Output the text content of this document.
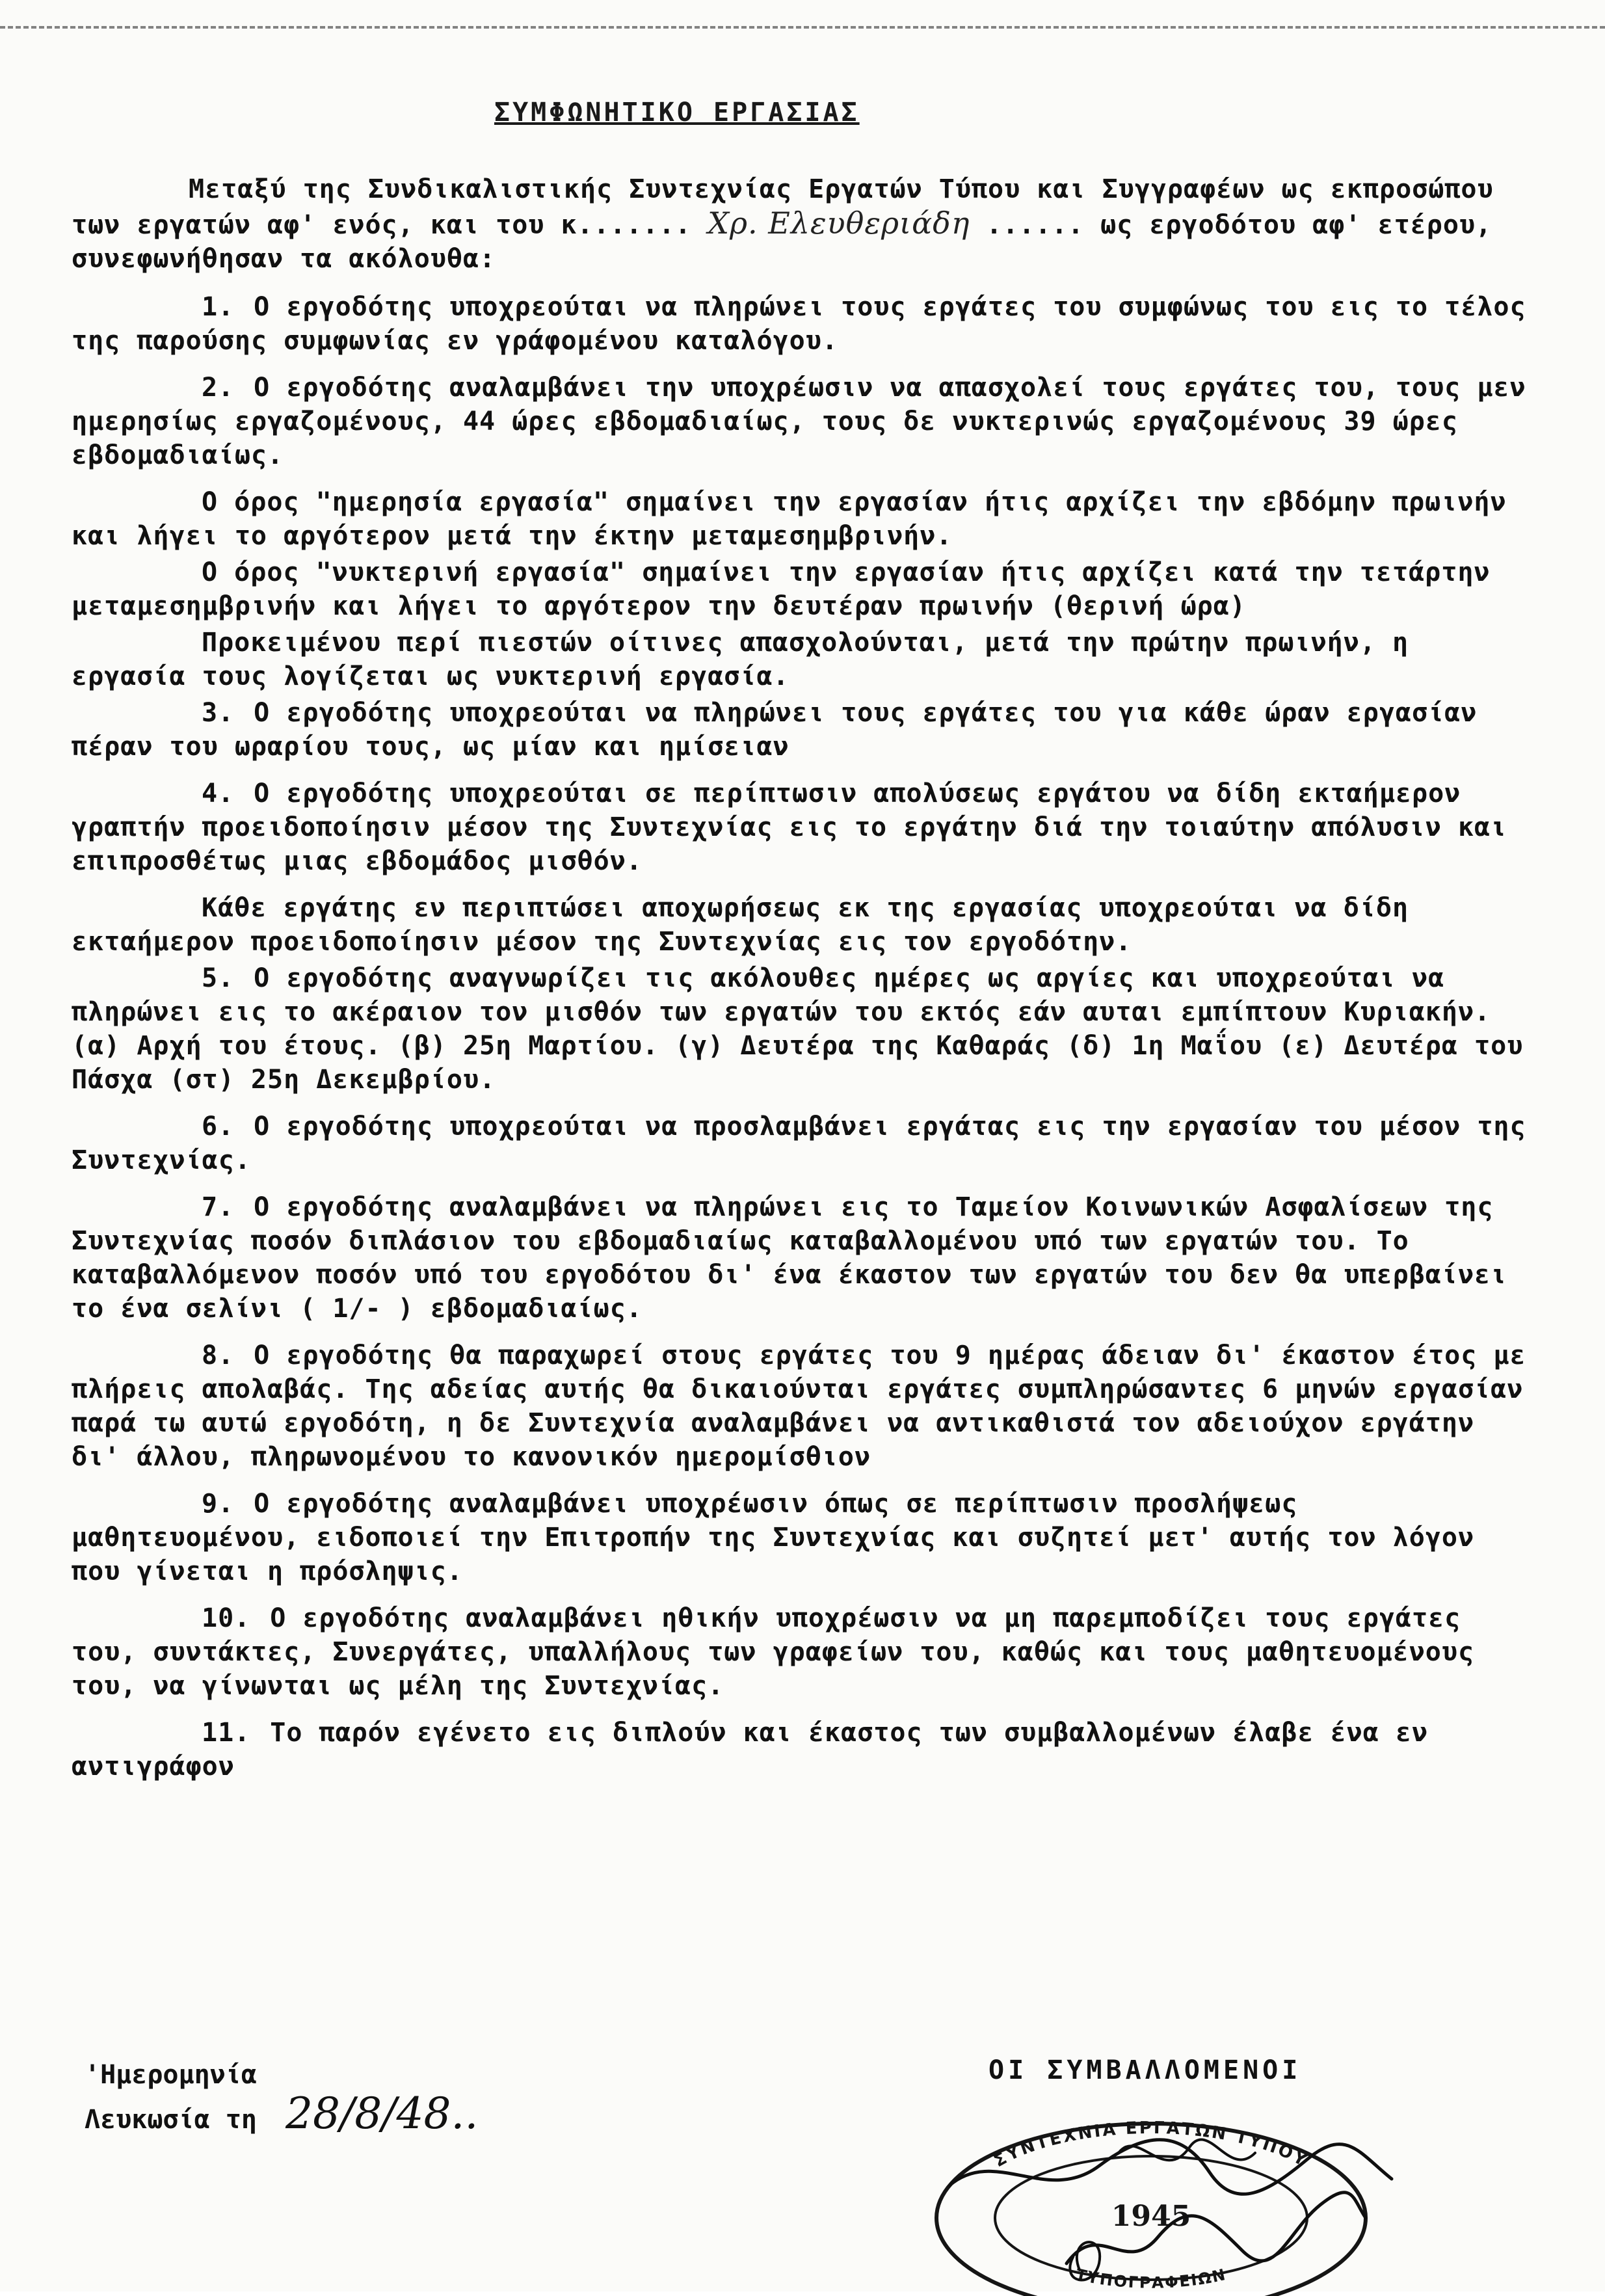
ΣΥΜΦΩΝΗΤΙΚΟ ΕΡΓΑΣΙΑΣ

Μεταξύ της Συνδικαλιστικής Συντεχνίας Εργατών Τύπου και Συγγραφέων ως εκπροσώπου των εργατών αφ' ενός, και του κ....... Χρ. Ελευθεριάδη ...... ως εργοδότου αφ' ετέρου, συνεφωνήθησαν τα ακόλουθα:

1. Ο εργοδότης υποχρεούται να πληρώνει τους εργάτες του συμφώνως του εις το τέλος της παρούσης συμφωνίας εν γράφομένου καταλόγου.

2. Ο εργοδότης αναλαμβάνει την υποχρέωσιν να απασχολεί τους εργάτες του, τους μεν ημερησίως εργαζομένους, 44 ώρες εβδομαδιαίως, τους δε νυκτερινώς εργαζομένους 39 ώρες εβδομαδιαίως.

Ο όρος "ημερησία εργασία" σημαίνει την εργασίαν ήτις αρχίζει την εβδόμην πρωινήν και λήγει το αργότερον μετά την έκτην μεταμεσημβρινήν.

Ο όρος "νυκτερινή εργασία" σημαίνει την εργασίαν ήτις αρχίζει κατά την τετάρτην μεταμεσημβρινήν και λήγει το αργότερον την δευτέραν πρωινήν (θερινή ώρα)

Προκειμένου περί πιεστών οίτινες απασχολούνται, μετά την πρώτην πρωινήν, η εργασία τους λογίζεται ως νυκτερινή εργασία.

3. Ο εργοδότης υποχρεούται να πληρώνει τους εργάτες του για κάθε ώραν εργασίαν πέραν του ωραρίου τους, ως μίαν και ημίσειαν

4. Ο εργοδότης υποχρεούται σε περίπτωσιν απολύσεως εργάτου να δίδη εκταήμερον γραπτήν προειδοποίησιν μέσον της Συντεχνίας εις το εργάτην διά την τοιαύτην απόλυσιν και επιπροσθέτως μιας εβδομάδος μισθόν.

Κάθε εργάτης εν περιπτώσει αποχωρήσεως εκ της εργασίας υποχρεούται να δίδη εκταήμερον προειδοποίησιν μέσον της Συντεχνίας εις τον εργοδότην.

5. Ο εργοδότης αναγνωρίζει τις ακόλουθες ημέρες ως αργίες και υποχρεούται να πληρώνει εις το ακέραιον τον μισθόν των εργατών του εκτός εάν αυται εμπίπτουν Κυριακήν. (α) Αρχή του έτους. (β) 25η Μαρτίου. (γ) Δευτέρα της Καθαράς (δ) 1η Μαΐου (ε) Δευτέρα του Πάσχα (στ) 25η Δεκεμβρίου.

6. Ο εργοδότης υποχρεούται να προσλαμβάνει εργάτας εις την εργασίαν του μέσον της Συντεχνίας.

7. Ο εργοδότης αναλαμβάνει να πληρώνει εις το Ταμείον Κοινωνικών Ασφαλίσεων της Συντεχνίας ποσόν διπλάσιον του εβδομαδιαίως καταβαλλομένου υπό των εργατών του. Το καταβαλλόμενον ποσόν υπό του εργοδότου δι' ένα έκαστον των εργατών του δεν θα υπερβαίνει το ένα σελίνι ( 1/- ) εβδομαδιαίως.

8. Ο εργοδότης θα παραχωρεί στους εργάτες του 9 ημέρας άδειαν δι' έκαστον έτος με πλήρεις απολαβάς. Της αδείας αυτής θα δικαιούνται εργάτες συμπληρώσαντες 6 μηνών εργασίαν παρά τω αυτώ εργοδότη, η δε Συντεχνία αναλαμβάνει να αντικαθιστά τον αδειούχον εργάτην δι' άλλου, πληρωνομένου το κανονικόν ημερομίσθιον

9. Ο εργοδότης αναλαμβάνει υποχρέωσιν όπως σε περίπτωσιν προσλήψεως μαθητευομένου, ειδοποιεί την Επιτροπήν της Συντεχνίας και συζητεί μετ' αυτής τον λόγον που γίνεται η πρόσληψις.

10. Ο εργοδότης αναλαμβάνει ηθικήν υποχρέωσιν να μη παρεμποδίζει τους εργάτες του, συντάκτες, Συνεργάτες, υπαλλήλους των γραφείων του, καθώς και τους μαθητευομένους του, να γίνωνται ως μέλη της Συντεχνίας.

11. Το παρόν εγένετο εις διπλούν και έκαστος των συμβαλλομένων έλαβε ένα εν αντιγράφον

'Ημερομηνία
Λευκωσία τη 28/8/48..
ΟΙ ΣΥΜΒΑΛΛΟΜΕΝΟΙ
ΣΥΝΤΕΧΝΙΑ ΕΡΓΑΤΩΝ ΤΥΠΟΥ
1945
ΤΥΠΟΓΡΑΦΕΙΩΝ
